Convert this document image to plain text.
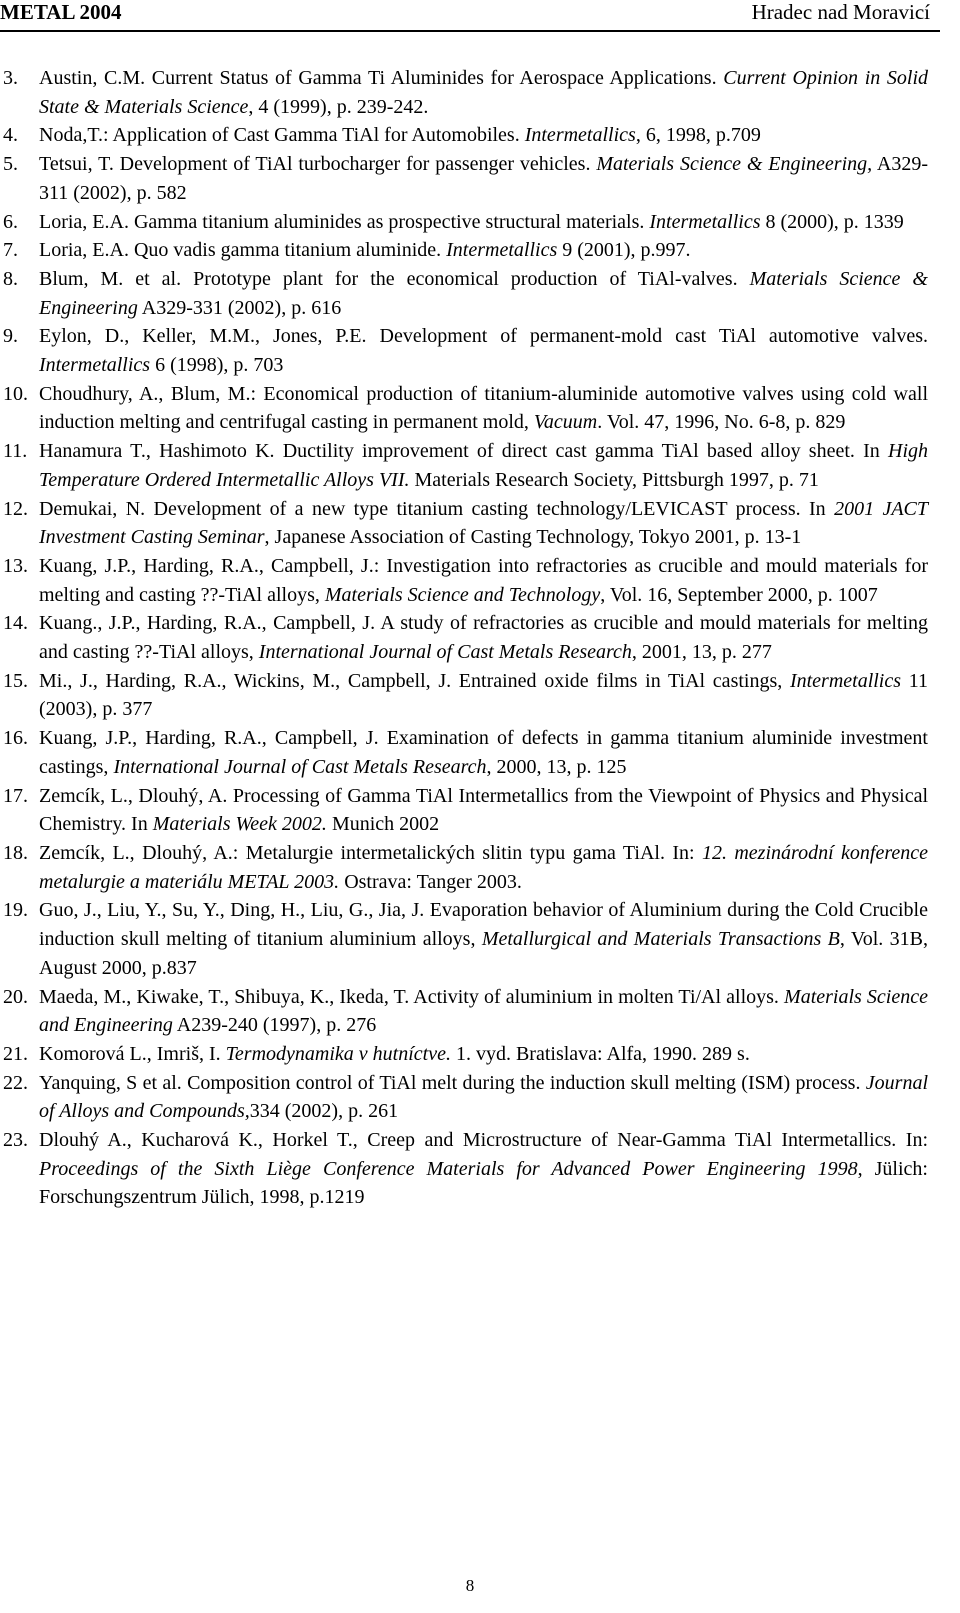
METAL 2004	Hradec nad Moravicí
3. Austin, C.M. Current Status of Gamma Ti Aluminides for Aerospace Applications. Current Opinion in Solid State & Materials Science, 4 (1999), p. 239-242.
4. Noda,T.: Application of Cast Gamma TiAl for Automobiles. Intermetallics, 6, 1998, p.709
5. Tetsui, T. Development of TiAl turbocharger for passenger vehicles. Materials Science & Engineering, A329-311 (2002), p. 582
6. Loria, E.A. Gamma titanium aluminides as prospective structural materials. Intermetallics 8 (2000), p. 1339
7. Loria, E.A. Quo vadis gamma titanium aluminide. Intermetallics 9 (2001), p.997.
8. Blum, M. et al. Prototype plant for the economical production of TiAl-valves. Materials Science & Engineering A329-331 (2002), p. 616
9. Eylon, D., Keller, M.M., Jones, P.E. Development of permanent-mold cast TiAl automotive valves. Intermetallics 6 (1998), p. 703
10. Choudhury, A., Blum, M.: Economical production of titanium-aluminide automotive valves using cold wall induction melting and centrifugal casting in permanent mold, Vacuum. Vol. 47, 1996, No. 6-8, p. 829
11. Hanamura T., Hashimoto K. Ductility improvement of direct cast gamma TiAl based alloy sheet. In High Temperature Ordered Intermetallic Alloys VII. Materials Research Society, Pittsburgh 1997, p. 71
12. Demukai, N. Development of a new type titanium casting technology/LEVICAST process. In 2001 JACT Investment Casting Seminar, Japanese Association of Casting Technology, Tokyo 2001, p. 13-1
13. Kuang, J.P., Harding, R.A., Campbell, J.: Investigation into refractories as crucible and mould materials for melting and casting ??-TiAl alloys, Materials Science and Technology, Vol. 16, September 2000, p. 1007
14. Kuang., J.P., Harding, R.A., Campbell, J. A study of refractories as crucible and mould materials for melting and casting ??-TiAl alloys, International Journal of Cast Metals Research, 2001, 13, p. 277
15. Mi., J., Harding, R.A., Wickins, M., Campbell, J. Entrained oxide films in TiAl castings, Intermetallics 11 (2003), p. 377
16. Kuang, J.P., Harding, R.A., Campbell, J. Examination of defects in gamma titanium aluminide investment castings, International Journal of Cast Metals Research, 2000, 13, p. 125
17. Zemcík, L., Dlouhý, A. Processing of Gamma TiAl Intermetallics from the Viewpoint of Physics and Physical Chemistry. In Materials Week 2002. Munich 2002
18. Zemcík, L., Dlouhý, A.: Metalurgie intermetalických slitin typu gama TiAl. In: 12. mezinárodní konference metalurgie a materiálu METAL 2003. Ostrava: Tanger 2003.
19. Guo, J., Liu, Y., Su, Y., Ding, H., Liu, G., Jia, J. Evaporation behavior of Aluminium during the Cold Crucible induction skull melting of titanium aluminium alloys, Metallurgical and Materials Transactions B, Vol. 31B, August 2000, p.837
20. Maeda, M., Kiwake, T., Shibuya, K., Ikeda, T. Activity of aluminium in molten Ti/Al alloys. Materials Science and Engineering A239-240 (1997), p. 276
21. Komorová L., Imriš, I. Termodynamika v hutníctve. 1. vyd. Bratislava: Alfa, 1990. 289 s.
22. Yanquing, S et al. Composition control of TiAl melt during the induction skull melting (ISM) process. Journal of Alloys and Compounds,334 (2002), p. 261
23. Dlouhý A., Kucharová K., Horkel T., Creep and Microstructure of Near-Gamma TiAl Intermetallics. In: Proceedings of the Sixth Liège Conference Materials for Advanced Power Engineering 1998, Jülich: Forschungszentrum Jülich, 1998, p.1219
8
